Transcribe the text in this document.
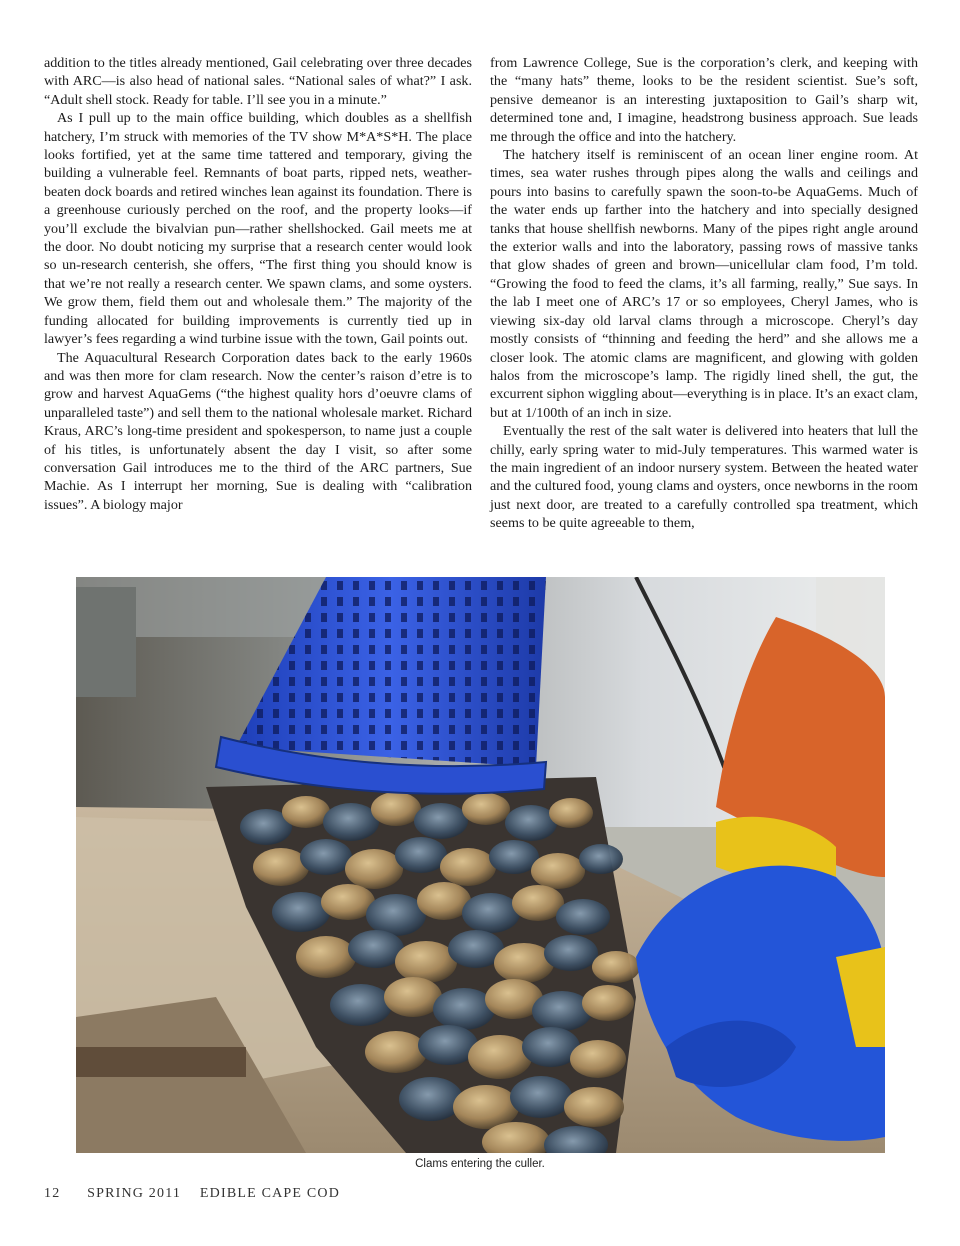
addition to the titles already mentioned, Gail celebrating over three decades with ARC—is also head of national sales. “National sales of what?” I ask. “Adult shell stock. Ready for table. I’ll see you in a minute.”

As I pull up to the main office building, which doubles as a shellfish hatchery, I’m struck with memories of the TV show M*A*S*H. The place looks fortified, yet at the same time tattered and temporary, giving the building a vulnerable feel. Remnants of boat parts, ripped nets, weather-beaten dock boards and retired winches lean against its foundation. There is a greenhouse curiously perched on the roof, and the property looks—if you’ll exclude the bivalvian pun—rather shellshocked. Gail meets me at the door. No doubt noticing my surprise that a research center would look so un-research centerish, she offers, “The first thing you should know is that we’re not really a research center. We spawn clams, and some oysters. We grow them, field them out and wholesale them.” The majority of the funding allocated for building improvements is currently tied up in lawyer’s fees regarding a wind turbine issue with the town, Gail points out.

The Aquacultural Research Corporation dates back to the early 1960s and was then more for clam research. Now the center’s raison d’etre is to grow and harvest AquaGems (“the highest quality hors d’oeuvre clams of unparalleled taste”) and sell them to the national wholesale market. Richard Kraus, ARC’s long-time president and spokesperson, to name just a couple of his titles, is unfortunately absent the day I visit, so after some conversation Gail introduces me to the third of the ARC partners, Sue Machie. As I interrupt her morning, Sue is dealing with “calibration issues”. A biology major

from Lawrence College, Sue is the corporation’s clerk, and keeping with the “many hats” theme, looks to be the resident scientist. Sue’s soft, pensive demeanor is an interesting juxtaposition to Gail’s sharp wit, determined tone and, I imagine, headstrong business approach. Sue leads me through the office and into the hatchery.

The hatchery itself is reminiscent of an ocean liner engine room. At times, sea water rushes through pipes along the walls and ceilings and pours into basins to carefully spawn the soon-to-be AquaGems. Much of the water ends up farther into the hatchery and into specially designed tanks that house shellfish newborns. Many of the pipes right angle around the exterior walls and into the laboratory, passing rows of massive tanks that glow shades of green and brown—unicellular clam food, I’m told. “Growing the food to feed the clams, it’s all farming, really,” Sue says. In the lab I meet one of ARC’s 17 or so employees, Cheryl James, who is viewing six-day old larval clams through a microscope. Cheryl’s day mostly consists of “thinning and feeding the herd” and she allows me a closer look. The atomic clams are magnificent, and glowing with golden halos from the microscope’s lamp. The rigidly lined shell, the gut, the excurrent siphon wiggling about—everything is in place. It’s an exact clam, but at 1/100th of an inch in size.

Eventually the rest of the salt water is delivered into heaters that lull the chilly, early spring water to mid-July temperatures. This warmed water is the main ingredient of an indoor nursery system. Between the heated water and the cultured food, young clams and oysters, once newborns in the room just next door, are treated to a carefully controlled spa treatment, which seems to be quite agreeable to them,

Clams entering the culler.
12 SPRING 2011 EDIBLE CAPE COD
